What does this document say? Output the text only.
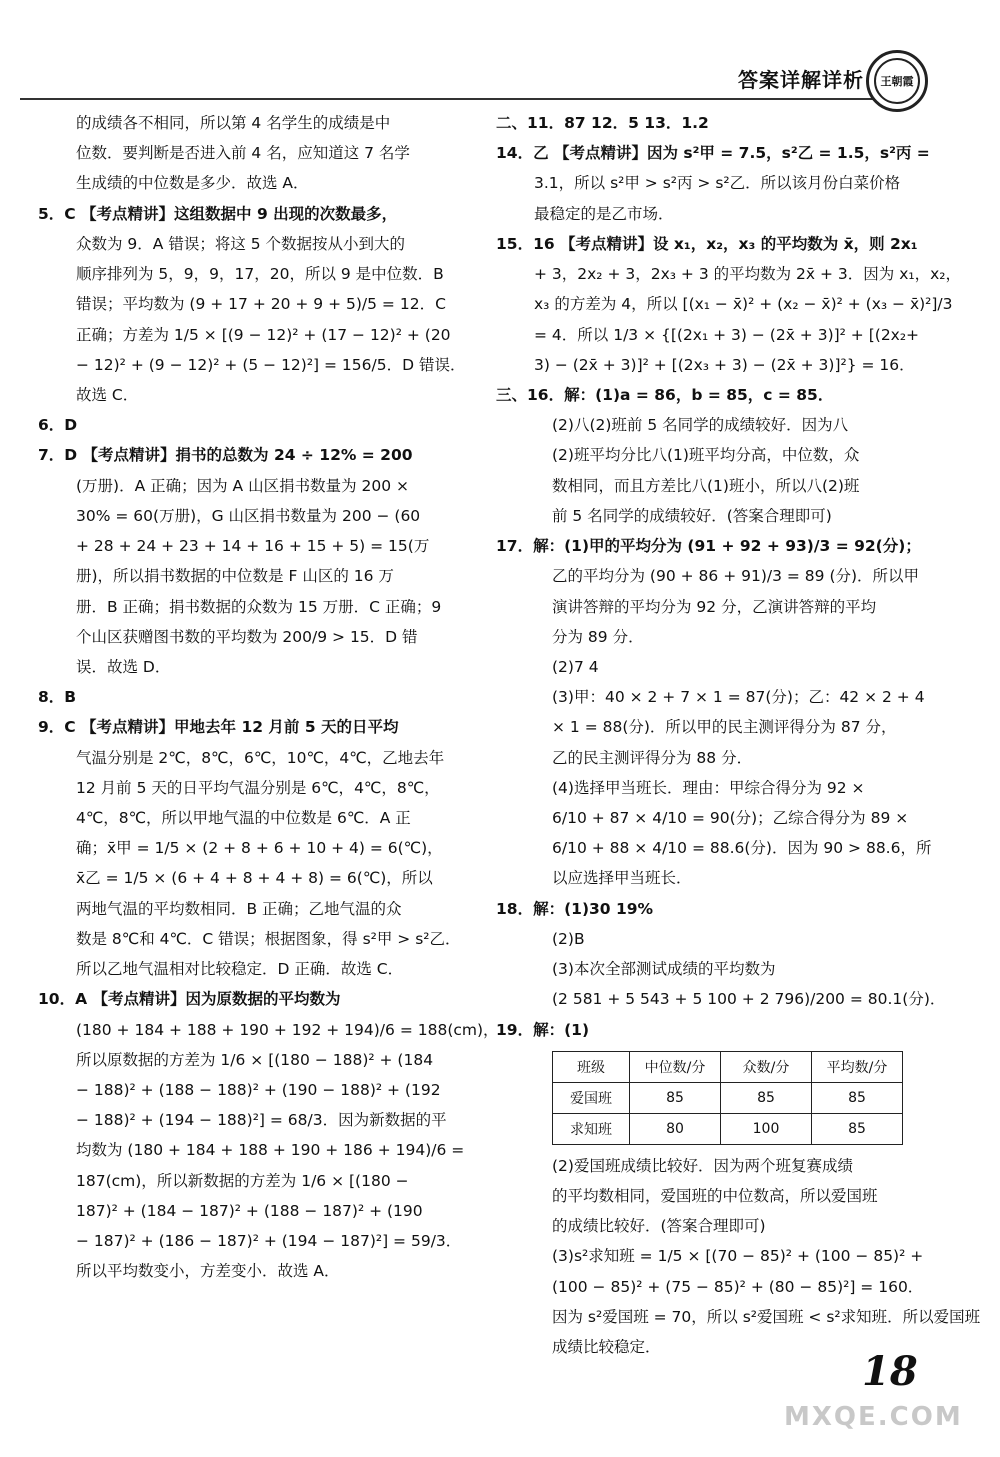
答案详解详析	王朝霞
的成绩各不相同，所以第 4 名学生的成绩是中
位数．要判断是否进入前 4 名，应知道这 7 名学
生成绩的中位数是多少．故选 A．
5．C 【考点精讲】这组数据中 9 出现的次数最多，
众数为 9．A 错误；将这 5 个数据按从小到大的
顺序排列为 5，9，9，17，20，所以 9 是中位数．B
错误；平均数为 (9 + 17 + 20 + 9 + 5)/5 = 12．C
正确；方差为 1/5 × [(9 − 12)² + (17 − 12)² + (20
− 12)² + (9 − 12)² + (5 − 12)²] = 156/5．D 错误．
故选 C．
6．D
7．D 【考点精讲】捐书的总数为 24 ÷ 12% = 200
(万册)．A 正确；因为 A 山区捐书数量为 200 ×
30% = 60(万册)，G 山区捐书数量为 200 − (60
+ 28 + 24 + 23 + 14 + 16 + 15 + 5) = 15(万
册)，所以捐书数据的中位数是 F 山区的 16 万
册．B 正确；捐书数据的众数为 15 万册．C 正确；9
个山区获赠图书数的平均数为 200/9 > 15．D 错
误．故选 D．
8．B
9．C 【考点精讲】甲地去年 12 月前 5 天的日平均
气温分别是 2℃，8℃，6℃，10℃，4℃，乙地去年
12 月前 5 天的日平均气温分别是 6℃，4℃，8℃，
4℃，8℃，所以甲地气温的中位数是 6℃．A 正
确；x̄甲 = 1/5 × (2 + 8 + 6 + 10 + 4) = 6(℃)，
x̄乙 = 1/5 × (6 + 4 + 8 + 4 + 8) = 6(℃)，所以
两地气温的平均数相同．B 正确；乙地气温的众
数是 8℃和 4℃．C 错误；根据图象，得 s²甲 > s²乙．
所以乙地气温相对比较稳定．D 正确．故选 C．
10．A 【考点精讲】因为原数据的平均数为
(180 + 184 + 188 + 190 + 192 + 194)/6 = 188(cm)，
所以原数据的方差为 1/6 × [(180 − 188)² + (184
− 188)² + (188 − 188)² + (190 − 188)² + (192
− 188)² + (194 − 188)²] = 68/3．因为新数据的平
均数为 (180 + 184 + 188 + 190 + 186 + 194)/6 =
187(cm)，所以新数据的方差为 1/6 × [(180 −
187)² + (184 − 187)² + (188 − 187)² + (190
− 187)² + (186 − 187)² + (194 − 187)²] = 59/3．
所以平均数变小，方差变小．故选 A．
二、11．87 12．5 13．1.2
14．乙 【考点精讲】因为 s²甲 = 7.5，s²乙 = 1.5，s²丙 =
3.1，所以 s²甲 > s²丙 > s²乙．所以该月份白菜价格
最稳定的是乙市场．
15．16 【考点精讲】设 x₁，x₂，x₃ 的平均数为 x̄，则 2x₁
+ 3，2x₂ + 3，2x₃ + 3 的平均数为 2x̄ + 3．因为 x₁，x₂，
x₃ 的方差为 4，所以 [(x₁ − x̄)² + (x₂ − x̄)² + (x₃ − x̄)²]/3
= 4．所以 1/3 × {[(2x₁ + 3) − (2x̄ + 3)]² + [(2x₂+
3) − (2x̄ + 3)]² + [(2x₃ + 3) − (2x̄ + 3)]²} = 16．
三、16．解：(1)a = 86，b = 85，c = 85．
(2)八(2)班前 5 名同学的成绩较好．因为八
(2)班平均分比八(1)班平均分高，中位数，众
数相同，而且方差比八(1)班小，所以八(2)班
前 5 名同学的成绩较好．(答案合理即可)
17．解：(1)甲的平均分为 (91 + 92 + 93)/3 = 92(分)；
乙的平均分为 (90 + 86 + 91)/3 = 89 (分)．所以甲
演讲答辩的平均分为 92 分，乙演讲答辩的平均
分为 89 分．
(2)7 4
(3)甲：40 × 2 + 7 × 1 = 87(分)；乙：42 × 2 + 4
× 1 = 88(分)．所以甲的民主测评得分为 87 分，
乙的民主测评得分为 88 分．
(4)选择甲当班长．理由：甲综合得分为 92 ×
6/10 + 87 × 4/10 = 90(分)；乙综合得分为 89 ×
6/10 + 88 × 4/10 = 88.6(分)．因为 90 > 88.6，所
以应选择甲当班长．
18．解：(1)30 19%
(2)B
(3)本次全部测试成绩的平均数为
(2 581 + 5 543 + 5 100 + 2 796)/200 = 80.1(分)．
19．解：(1)
班级	中位数/分	众数/分	平均数/分
爱国班	85	85	85
求知班	80	100	85
(2)爱国班成绩比较好．因为两个班复赛成绩
的平均数相同，爱国班的中位数高，所以爱国班
的成绩比较好．(答案合理即可)
(3)s²求知班 = 1/5 × [(70 − 85)² + (100 − 85)² +
(100 − 85)² + (75 − 85)² + (80 − 85)²] = 160．
因为 s²爱国班 = 70，所以 s²爱国班 < s²求知班．所以爱国班
成绩比较稳定．
18
MXQE.COM
